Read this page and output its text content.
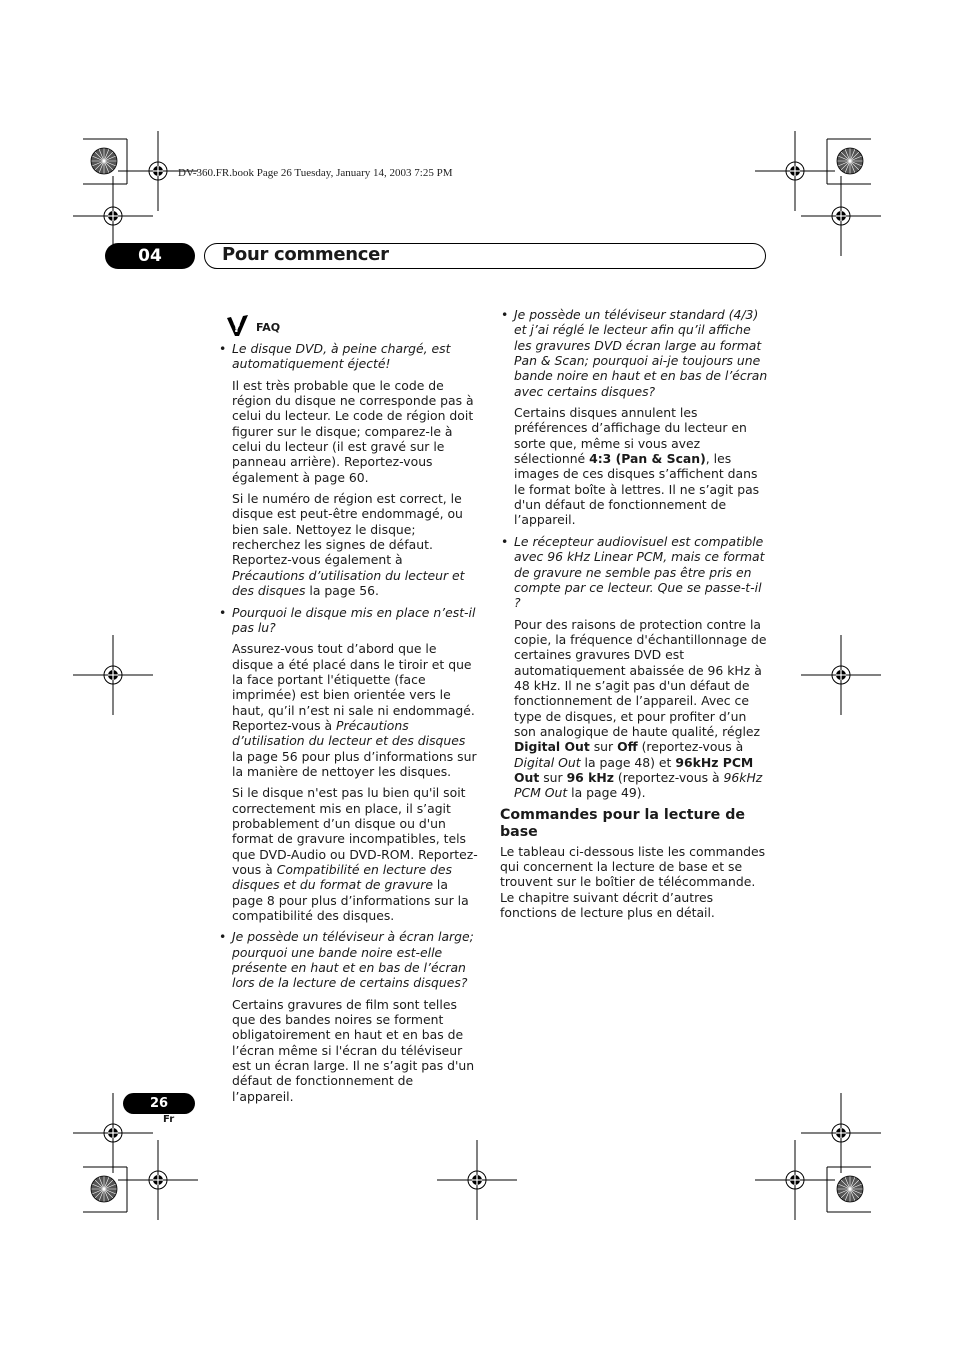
DV-360.FR.book Page 26 Tuesday, January 14, 2003 7:25 PM
04	Pour commencer
? FAQ
• Le disque DVD, à peine chargé, est automatiquement éjecté!

Il est très probable que le code de région du disque ne corresponde pas à celui du lecteur. Le code de région doit figurer sur le disque; comparez-le à celui du lecteur (il est gravé sur le panneau arrière). Reportez-vous également à page 60.

Si le numéro de région est correct, le disque est peut-être endommagé, ou bien sale. Nettoyez le disque; recherchez les signes de défaut. Reportez-vous également à Précautions d’utilisation du lecteur et des disques la page 56.

• Pourquoi le disque mis en place n’est-il pas lu?

Assurez-vous tout d’abord que le disque a été placé dans le tiroir et que la face portant l'étiquette (face imprimée) est bien orientée vers le haut, qu’il n’est ni sale ni endommagé. Reportez-vous à Précautions d’utilisation du lecteur et des disques la page 56 pour plus d’informations sur la manière de nettoyer les disques.

Si le disque n'est pas lu bien qu'il soit correctement mis en place, il s’agit probablement d’un disque ou d'un format de gravure incompatibles, tels que DVD-Audio ou DVD-ROM. Reportez-vous à Compatibilité en lecture des disques et du format de gravure la page 8 pour plus d’informations sur la compatibilité des disques.

• Je possède un téléviseur à écran large; pourquoi une bande noire est-elle présente en haut et en bas de l’écran lors de la lecture de certains disques?

Certains gravures de film sont telles que des bandes noires se forment obligatoirement en haut et en bas de l’écran même si l'écran du téléviseur est un écran large. Il ne s’agit pas d'un défaut de fonctionnement de l’appareil.

• Je possède un téléviseur standard (4/3) et j’ai réglé le lecteur afin qu’il affiche les gravures DVD écran large au format Pan & Scan; pourquoi ai-je toujours une bande noire en haut et en bas de l’écran avec certains disques?

Certains disques annulent les préférences d’affichage du lecteur en sorte que, même si vous avez sélectionné 4:3 (Pan & Scan), les images de ces disques s’affichent dans le format boîte à lettres. Il ne s’agit pas d'un défaut de fonctionnement de l’appareil.

• Le récepteur audiovisuel est compatible avec 96 kHz Linear PCM, mais ce format de gravure ne semble pas être pris en compte par ce lecteur. Que se passe-t-il ?

Pour des raisons de protection contre la copie, la fréquence d'échantillonnage de certaines gravures DVD est automatiquement abaissée de 96 kHz à 48 kHz. Il ne s’agit pas d'un défaut de fonctionnement de l’appareil. Avec ce type de disques, et pour profiter d’un son analogique de haute qualité, réglez Digital Out sur Off (reportez-vous à Digital Out la page 48) et 96kHz PCM Out sur 96 kHz (reportez-vous à 96kHz PCM Out la page 49).

Commandes pour la lecture de base

Le tableau ci-dessous liste les commandes qui concernent la lecture de base et se trouvent sur le boîtier de télécommande. Le chapitre suivant décrit d’autres fonctions de lecture plus en détail.

26
Fr
